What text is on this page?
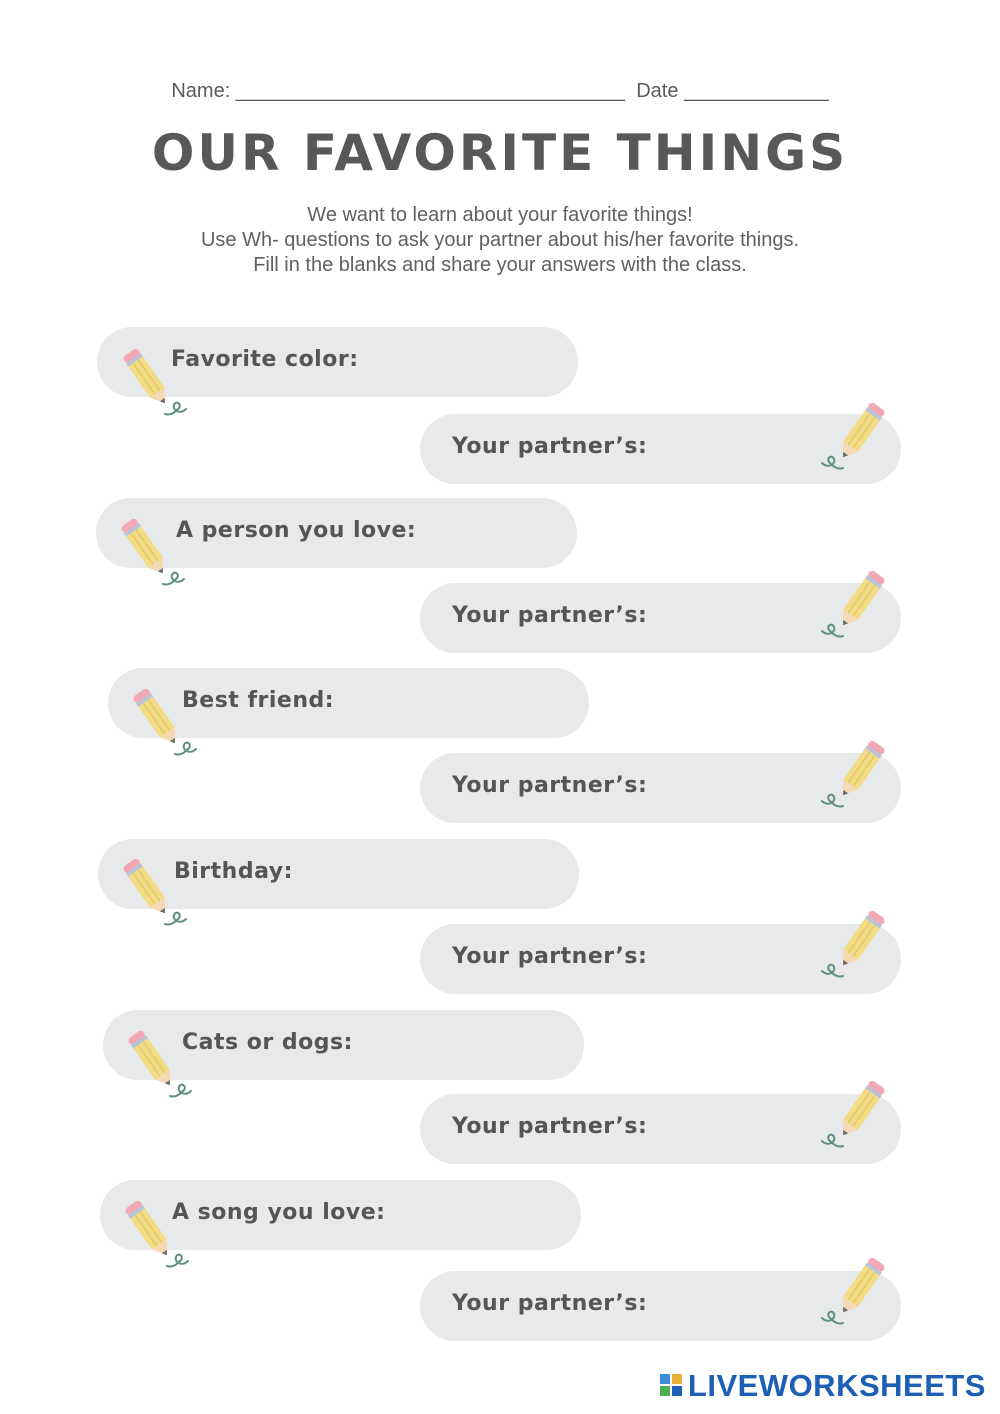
Name: ___________________________________  Date _____________
OUR FAVORITE THINGS
We want to learn about your favorite things!
Use Wh- questions to ask your partner about his/her favorite things.
Fill in the blanks and share your answers with the class.
Favorite color:
Your partner’s:
A person you love:
Your partner’s:
Best friend:
Your partner’s:
Birthday:
Your partner’s:
Cats or dogs:
Your partner’s:
A song you love:
Your partner’s:
LIVEWORKSHEETS
